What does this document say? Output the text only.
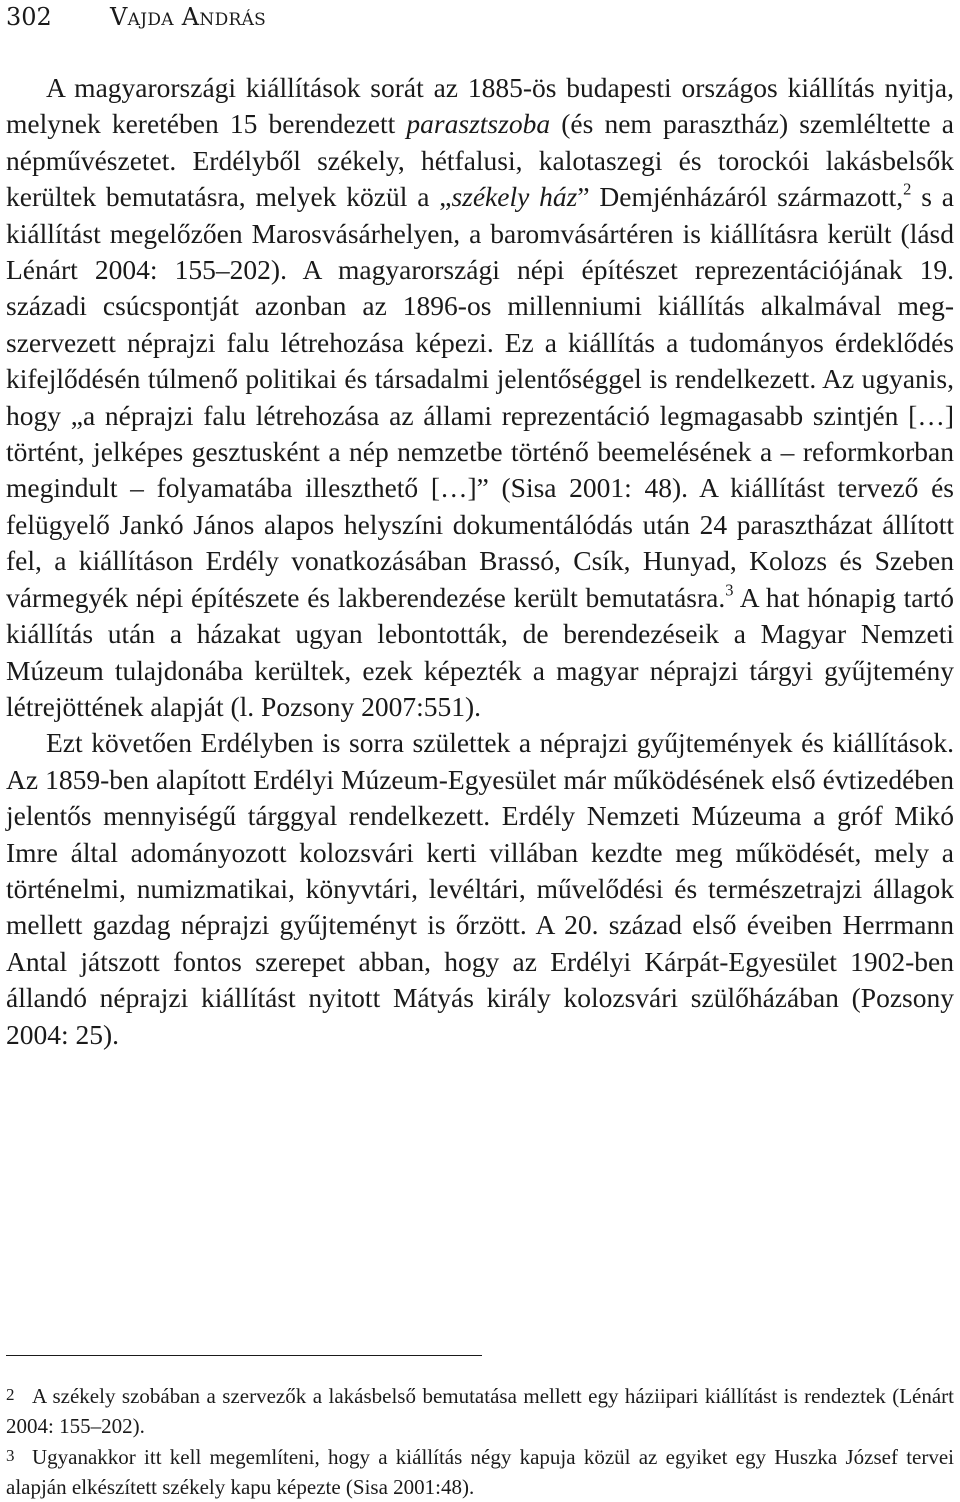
302 Vajda András

A magyarországi kiállítások sorát az 1885-ös budapesti országos kiállítás nyitja, melynek keretében 15 berendezett parasztszoba (és nem parasztház) szemléltette a népművészetet. Erdélyből székely, hétfalusi, kalotaszegi és torockói lakásbelsők kerültek bemutatásra, melyek közül a „székely ház” Demjénházáról származott,$^2$ s a kiállítást megelőzően Marosvásárhelyen, a baromvásártéren is kiállításra került (lásd Lénárt 2004: 155–202). A magyarországi népi építészet reprezentációjának 19. századi csúcspontját azonban az 1896-os millenniumi kiállítás alkalmával megszervezett néprajzi falu létrehozása képezi. Ez a kiállítás a tudományos érdeklődés kifejlődésén túlmenő politikai és társadalmi jelentőséggel is rendelkezett. Az ugyanis, hogy „a néprajzi falu létrehozása az állami reprezentáció legmagasabb szintjén […] történt, jelképes gesztusként a nép nemzetbe történő beemelésének a – reformkorban megindult – folyamatába illeszthető […]” (Sisa 2001: 48). A kiállítást tervező és felügyelő Jankó János alapos helyszíni dokumentálódás után 24 parasztházat állított fel, a kiállításon Erdély vonatkozásában Brassó, Csík, Hunyad, Kolozs és Szeben vármegyék népi építészete és lakberendezése került bemutatásra.$^3$ A hat hónapig tartó kiállítás után a házakat ugyan lebontották, de berendezéseik a Magyar Nemzeti Múzeum tulajdonába kerültek, ezek képezték a magyar néprajzi tárgyi gyűjtemény létrejöttének alapját (l. Pozsony 2007:551).

Ezt követően Erdélyben is sorra születtek a néprajzi gyűjtemények és kiállítások. Az 1859-ben alapított Erdélyi Múzeum-Egyesület már működésének első évtizedében jelentős mennyiségű tárggyal rendelkezett. Erdély Nemzeti Múzeuma a gróf Mikó Imre által adományozott kolozsvári kerti villában kezdte meg működését, mely a történelmi, numizmatikai, könyvtári, levéltári, művelődési és természetrajzi állagok mellett gazdag néprajzi gyűjteményt is őrzött. A 20. század első éveiben Herrmann Antal játszott fontos szerepet abban, hogy az Erdélyi Kárpát-Egyesület 1902-ben állandó néprajzi kiállítást nyitott Mátyás király kolozsvári szülőházában (Pozsony 2004: 25).

2 A székely szobában a szervezők a lakásbelső bemutatása mellett egy háziipari kiállítást is rendeztek (Lénárt 2004: 155–202).

3 Ugyanakkor itt kell megemlíteni, hogy a kiállítás négy kapuja közül az egyiket egy Huszka József tervei alapján elkészített székely kapu képezte (Sisa 2001:48).
